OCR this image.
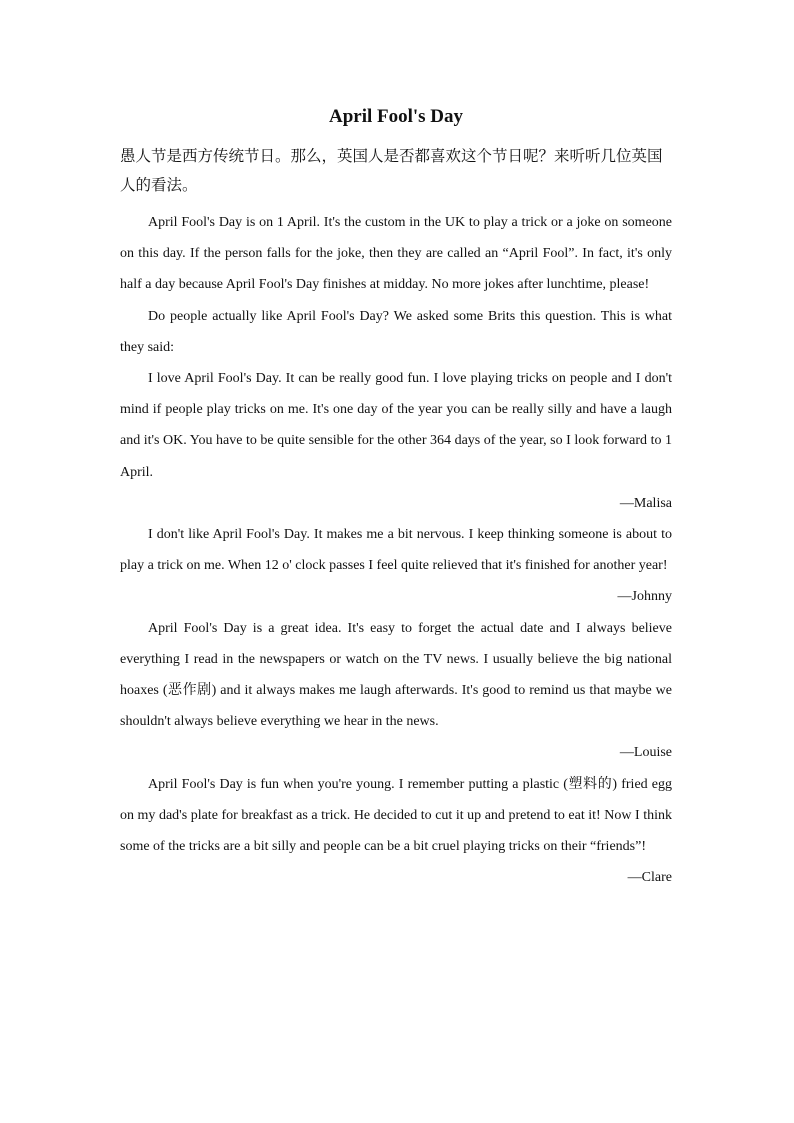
April Fool's Day

愚人节是西方传统节日。那么，英国人是否都喜欢这个节日呢？来听听几位英国人的看法。

April Fool's Day is on 1 April. It's the custom in the UK to play a trick or a joke on someone on this day. If the person falls for the joke, then they are called an “April Fool”. In fact, it's only half a day because April Fool's Day finishes at midday. No more jokes after lunchtime, please!

Do people actually like April Fool's Day? We asked some Brits this question. This is what they said:

I love April Fool's Day. It can be really good fun. I love playing tricks on people and I don't mind if people play tricks on me. It's one day of the year you can be really silly and have a laugh and it's OK. You have to be quite sensible for the other 364 days of the year, so I look forward to 1 April.

—Malisa

I don't like April Fool's Day. It makes me a bit nervous. I keep thinking someone is about to play a trick on me. When 12 o' clock passes I feel quite relieved that it's finished for another year!

—Johnny

April Fool's Day is a great idea. It's easy to forget the actual date and I always believe everything I read in the newspapers or watch on the TV news. I usually believe the big national hoaxes (恶作剧) and it always makes me laugh afterwards. It's good to remind us that maybe we shouldn't always believe everything we hear in the news.

—Louise

April Fool's Day is fun when you're young. I remember putting a plastic (塑料的) fried egg on my dad's plate for breakfast as a trick. He decided to cut it up and pretend to eat it! Now I think some of the tricks are a bit silly and people can be a bit cruel playing tricks on their “friends”!

—Clare
